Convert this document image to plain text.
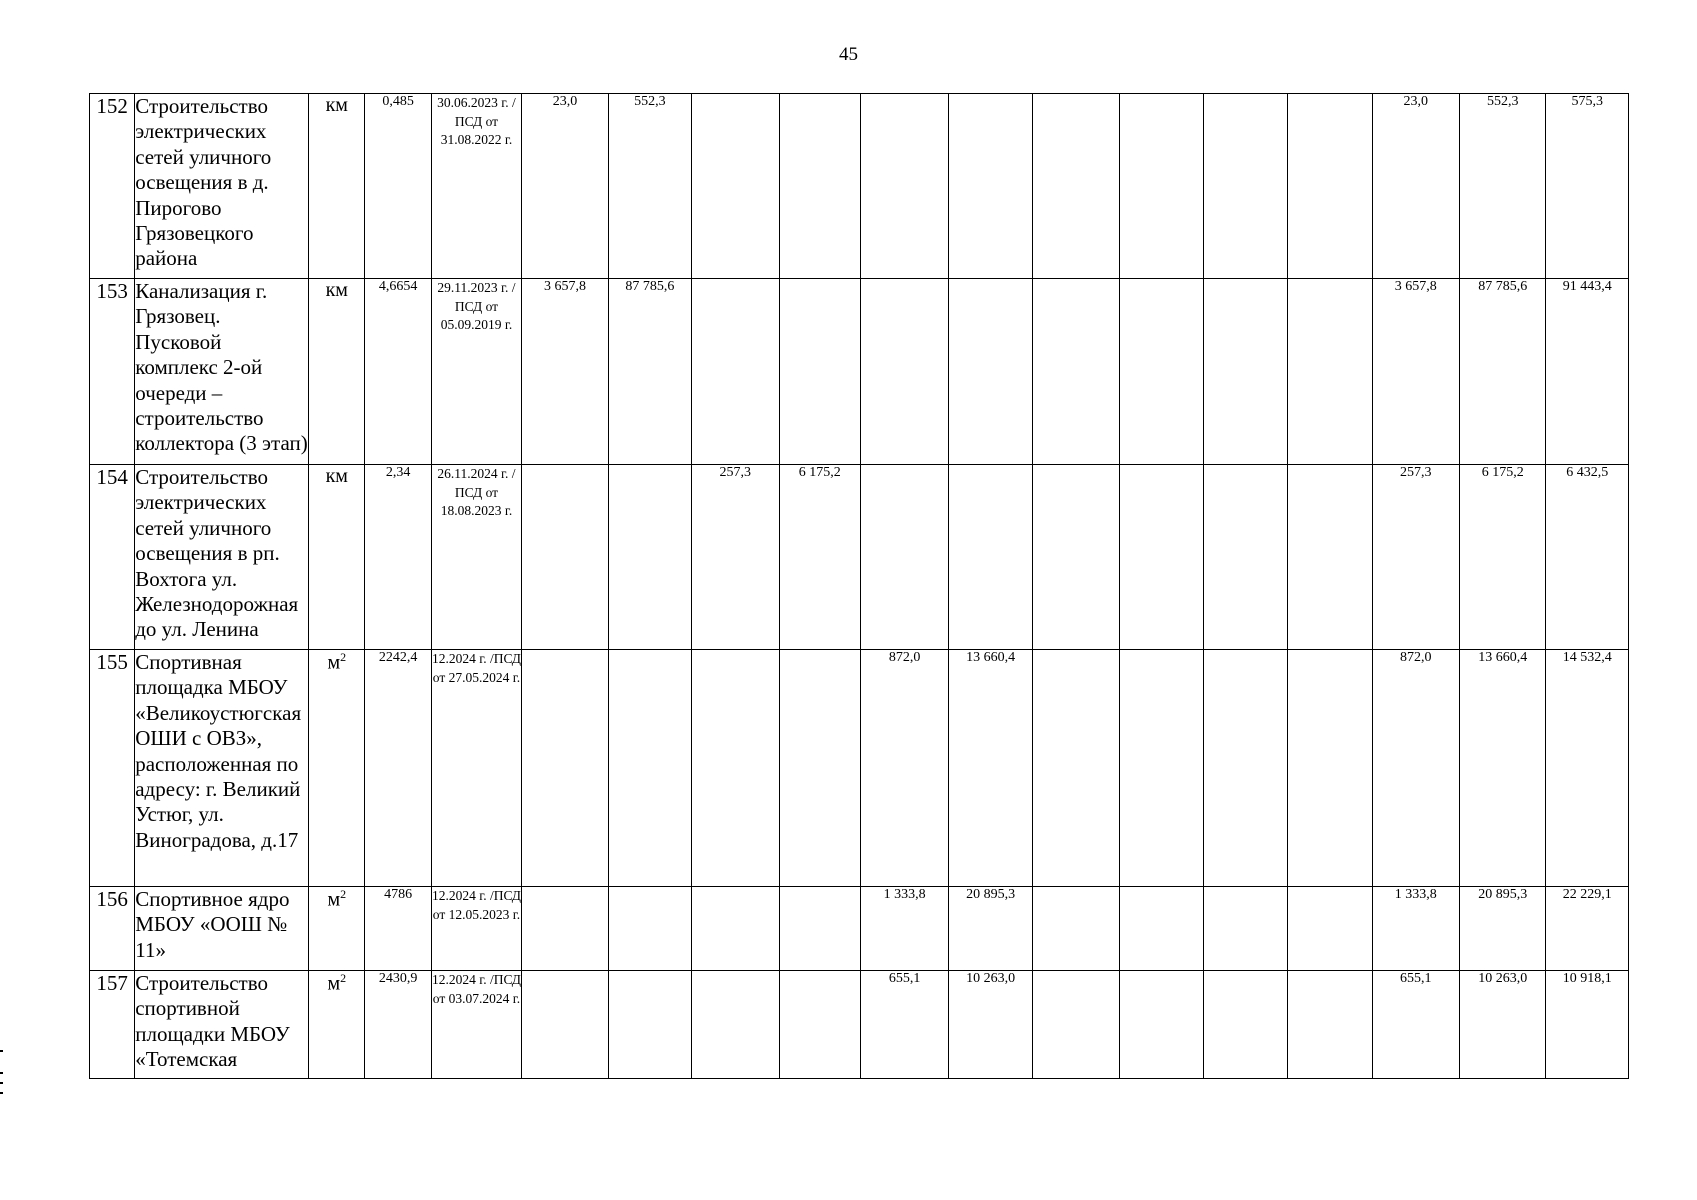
45
152	Строительство электрических сетей уличного освещения в д. Пирогово Грязовецкого района	км	0,485	30.06.2023 г. /ПСД от 31.08.2022 г.	23,0	552,3									23,0	552,3	575,3
153	Канализация г. Грязовец. Пусковой комплекс 2-ой очереди – строительство коллектора (3 этап)	км	4,6654	29.11.2023 г. /ПСД от 05.09.2019 г.	3 657,8	87 785,6									3 657,8	87 785,6	91 443,4
154	Строительство электрических сетей уличного освещения в рп. Вохтога ул. Железнодорожная до ул. Ленина	км	2,34	26.11.2024 г. /ПСД от 18.08.2023 г.			257,3	6 175,2							257,3	6 175,2	6 432,5
155	Спортивная площадка МБОУ «Великоустюгская ОШИ с ОВЗ», расположенная по адресу: г. Великий Устюг, ул. Виноградова, д.17	$м^2$	2242,4	12.2024 г. /ПСД от 27.05.2024 г.					872,0	13 660,4					872,0	13 660,4	14 532,4
156	Спортивное ядро МБОУ «ООШ № 11»	$м^2$	4786	12.2024 г. /ПСД от 12.05.2023 г.					1 333,8	20 895,3					1 333,8	20 895,3	22 229,1
157	Строительство спортивной площадки МБОУ «Тотемская	$м^2$	2430,9	12.2024 г. /ПСД от 03.07.2024 г.					655,1	10 263,0					655,1	10 263,0	10 918,1
